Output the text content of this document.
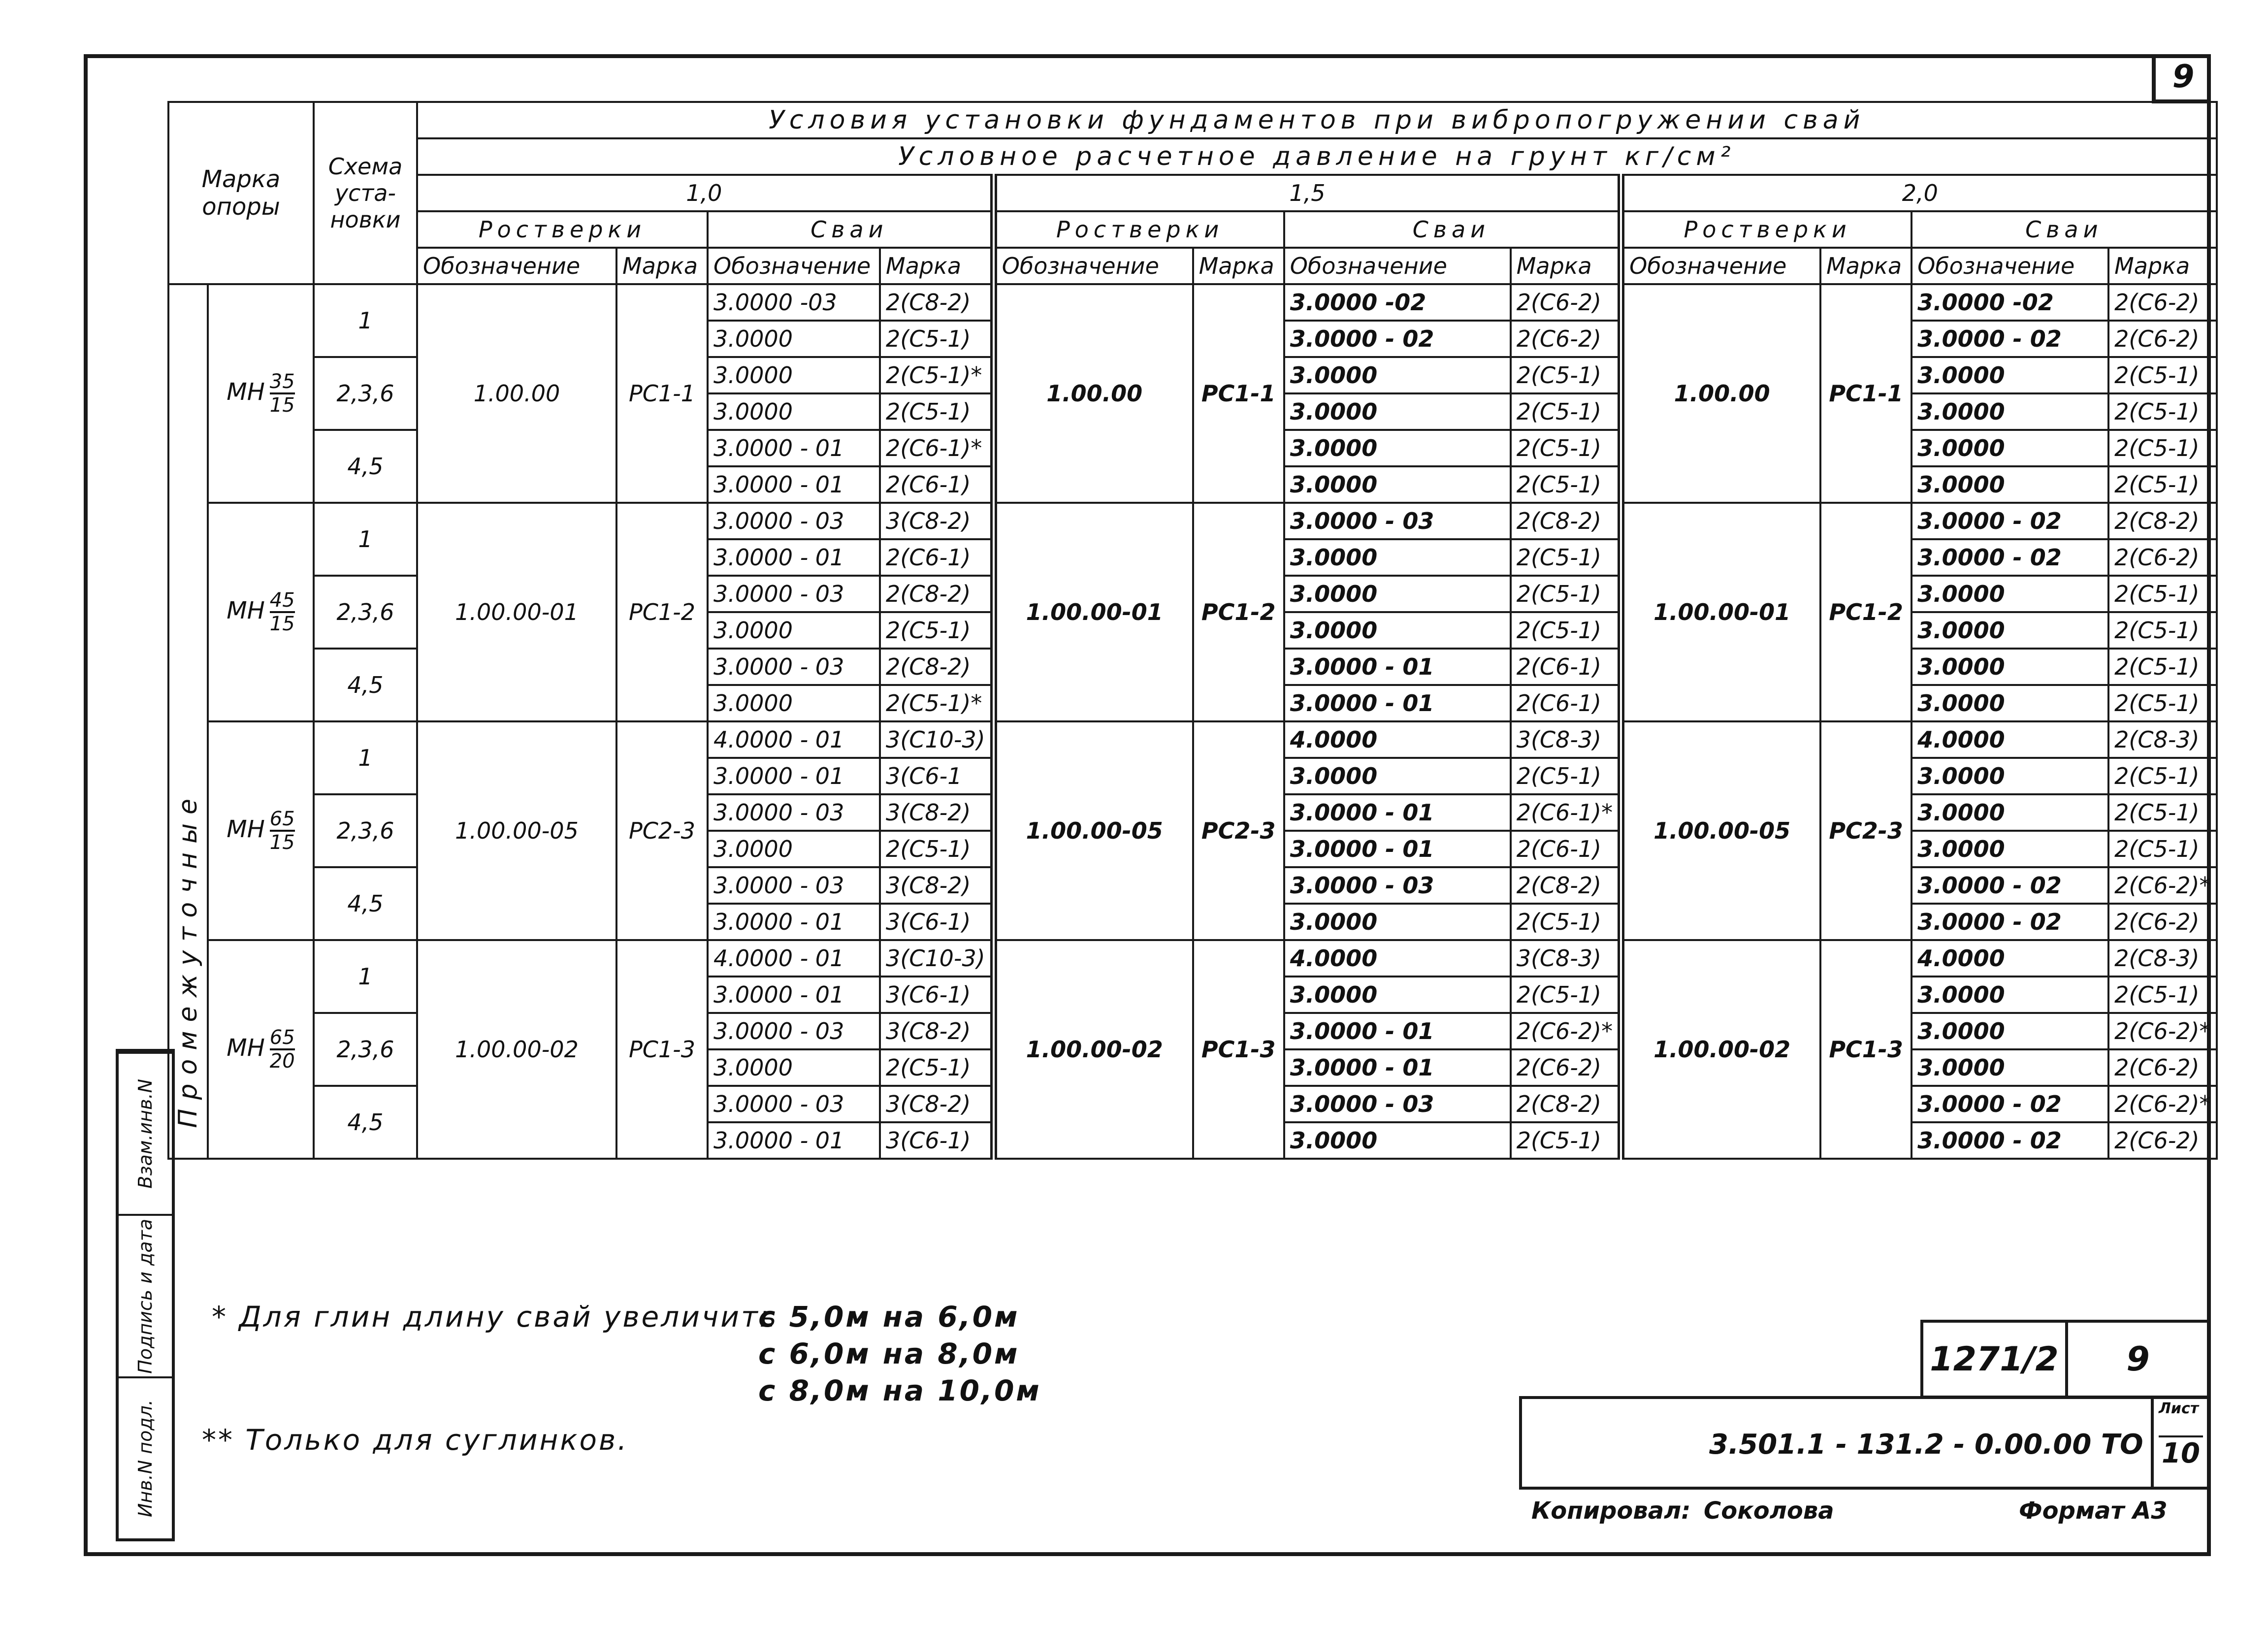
9
Марка опоры		Схема уста-новки	Условия установки фундаментов при вибропогружении свай											
			Условное расчетное давление на грунт кг/см²											
			1,0				1,5				2,0			
			Ростверки		Сваи		Ростверки		Сваи		Ростверки		Сваи	
			Обозначение	Марка	Обозначение	Марка	Обозначение	Марка	Обозначение	Марка	Обозначение	Марка	Обозначение	Марка

Промежуточные	МН $\frac{35}{15}$	1	1.00.00	РС1-1	3.0000 -03	2(С8-2)	1.00.00	РС1-1	3.0000 -02	2(С6-2)	1.00.00	РС1-1	3.0000 -02	2(С6-2)
					3.0000	2(С5-1)			3.0000 - 02	2(С6-2)			3.0000 - 02	2(С6-2)
		2,3,6			3.0000	2(С5-1)*			3.0000	2(С5-1)			3.0000	2(С5-1)
					3.0000	2(С5-1)			3.0000	2(С5-1)			3.0000	2(С5-1)
		4,5			3.0000 - 01	2(С6-1)*			3.0000	2(С5-1)			3.0000	2(С5-1)
					3.0000 - 01	2(С6-1)			3.0000	2(С5-1)			3.0000	2(С5-1)
	МН $\frac{45}{15}$	1	1.00.00-01	РС1-2	3.0000 - 03	3(С8-2)	1.00.00-01	РС1-2	3.0000 - 03	2(С8-2)	1.00.00-01	РС1-2	3.0000 - 02	2(С8-2)
					3.0000 - 01	2(С6-1)			3.0000	2(С5-1)			3.0000 - 02	2(С6-2)
		2,3,6			3.0000 - 03	2(С8-2)			3.0000	2(С5-1)			3.0000	2(С5-1)
					3.0000	2(С5-1)			3.0000	2(С5-1)			3.0000	2(С5-1)
		4,5			3.0000 - 03	2(С8-2)			3.0000 - 01	2(С6-1)			3.0000	2(С5-1)
					3.0000	2(С5-1)*			3.0000 - 01	2(С6-1)			3.0000	2(С5-1)
	МН $\frac{65}{15}$	1	1.00.00-05	РС2-3	4.0000 - 01	3(С10-3)	1.00.00-05	РС2-3	4.0000	3(С8-3)	1.00.00-05	РС2-3	4.0000	2(С8-3)
					3.0000 - 01	3(С6-1			3.0000	2(С5-1)			3.0000	2(С5-1)
		2,3,6			3.0000 - 03	3(С8-2)			3.0000 - 01	2(С6-1)*			3.0000	2(С5-1)
					3.0000	2(С5-1)			3.0000 - 01	2(С6-1)			3.0000	2(С5-1)
		4,5			3.0000 - 03	3(С8-2)			3.0000 - 03	2(С8-2)			3.0000 - 02	2(С6-2)*
					3.0000 - 01	3(С6-1)			3.0000	2(С5-1)			3.0000 - 02	2(С6-2)
	МН $\frac{65}{20}$	1	1.00.00-02	РС1-3	4.0000 - 01	3(С10-3)	1.00.00-02	РС1-3	4.0000	3(С8-3)	1.00.00-02	РС1-3	4.0000	2(С8-3)
					3.0000 - 01	3(С6-1)			3.0000	2(С5-1)			3.0000	2(С5-1)
		2,3,6			3.0000 - 03	3(С8-2)			3.0000 - 01	2(С6-2)*			3.0000	2(С6-2)*
					3.0000	2(С5-1)			3.0000 - 01	2(С6-2)			3.0000	2(С6-2)
		4,5			3.0000 - 03	3(С8-2)			3.0000 - 03	2(С8-2)			3.0000 - 02	2(С6-2)*
					3.0000 - 01	3(С6-1)			3.0000	2(С5-1)			3.0000 - 02	2(С6-2)
Инв.N подл.
Подпись и дата
Взам.инв.N
* Для глин длину свай увеличить
с 5,0м на 6,0м
с 6,0м на 8,0м
с 8,0м на 10,0м
** Только для суглинков.
1271/2	9
3.501.1 - 131.2 - 0.00.00 ТО
Лист
10
Копировал: Соколова	Формат А3
